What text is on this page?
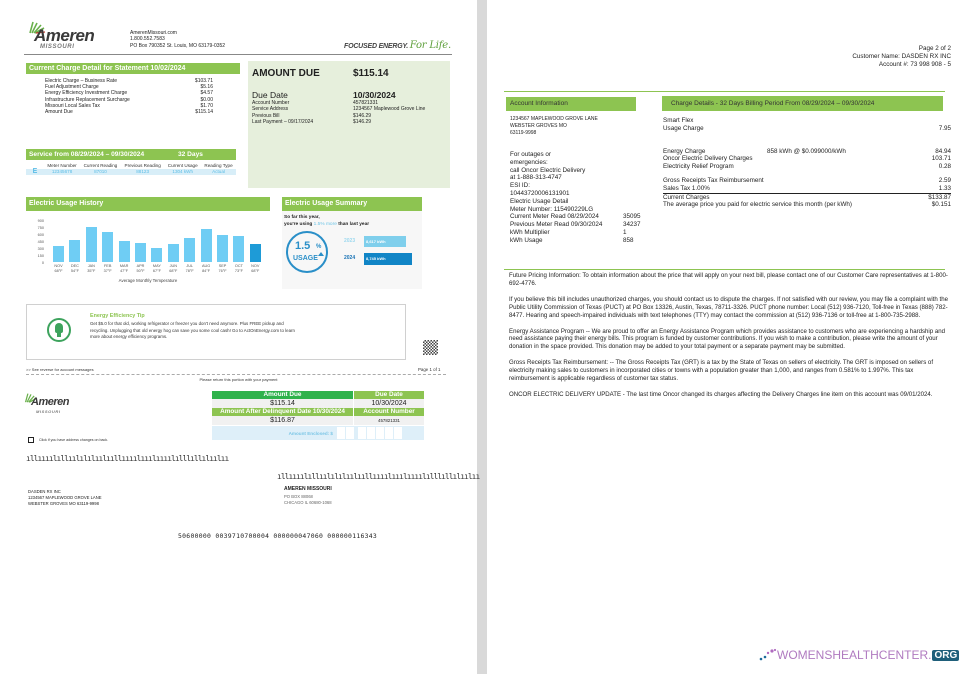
Ameren
MISSOURI
AmerenMissouri.com
1.800.552.7583
PO Box 790352 St. Louis, MO 63179-0352	FOCUSED ENERGY. For Life.
Current Charge Detail for Statement 10/02/2024
Electric Charge – Business Rate	$103.71
Fuel Adjustment Charge	$5.16
Energy Efficiency Investment Charge	$4.57
Infrastructure Replacement Surcharge	$0.00
Missouri Local Sales Tax	$1.70
Amount Due	$115.14
AMOUNT DUE	$115.14
Due Date	10/30/2024
Account Number	457821331
Service Address	1234567 Maplewood Grove Line
Previous Bill	$146.29
Last Payment – 09/17/2024	$146.29
Service from 08/29/2024 – 09/30/2024	32 Days
	Meter Number	Current Reading	Previous Reading	Current Usage	Reading Type
E	12345678	87010	88123	1304 kWh	Actual
Electric Usage History
0
150
300
450
600
750
900
NOV
68°F
DEC
54°F
JAN
35°F
FEB
37°F
MAR
47°F
APR
50°F
MAY
67°F
JUN
68°F
JUL
78°F
AUG
84°F
SEP
76°F
OCT
73°F
NOV
68°F
Average Monthly Temperature
Electric Usage Summary
So far this year,
you're using 1.5% more than last year
1.5 %
USAGE
2023	8,617 kWh
2024	8,745 kWh
Energy Efficiency Tip
Get $5.0 for that old, working refrigerator or freezer you don't need anymore. Plus FREE pickup and recycling. Unplugging that old energy hog can save you some cool cash! Go to ActOnEnergy.com to learn more about energy efficiency programs.
>> See reverse for account messages	Page 1 of 1
Please return this portion with your payment
Ameren
MISSOURI
Amount Due
$115.14
Amount After Delinquent Date 10/30/2024
$116.87
Due Date
10/30/2024
Account Number
457821331
Amount Enclosed: $
Click if you have address changes on back.
ıllıııılıllıılılılıılııllıııılııılıııılılllıllılıılıı
DASDEN RX INC
1234567 MAPLEWOOD GROVE LANE
WEBSTER GROVES MO 63119-9998
ıllıııılıllıılılılıılııllıııılııılıııılılllıllılıılıı
AMEREN MISSOURI
PO BOX 88068
CHICAGO IL 60680-1068
50600000 0039710700004 000000047060 000000116343
Page 2 of 2
Customer Name: DASDEN RX INC
Account #: 73 998 908 - 5
Account Information
1234567 MAPLEWOOD GROVE LANE
WEBSTER GROVES MO
63119-9998
For outages or
emergencies:
call Oncor Electric Delivery
at 1-888-313-4747
ESI ID:
10443720006131901
Electric Usage Detail
Meter Number: 115490229LG
Current Meter Read 08/29/2024	35095
Previous Meter Read 09/30/2024	34237
kWh Multiplier	1
kWh Usage	858
Charge Details - 32 Days Billing Period From 08/29/2024 – 09/30/2024
Smart Flex
Usage Charge	7.95
Energy Charge	858 kWh @ $0.099000/kWh	84.94
Oncor Electric Delivery Charges	103.71
Electricity Relief Program	0.28
Gross Receipts Tax Reimbursement	2.59
Sales Tax 1.00%	1.33
Current Charges	$133.87
The average price you paid for electric service this month (per kWh)	$0.151

Future Pricing Information: To obtain information about the price that will apply on your next bill, please contact one of our Customer Care representatives at 1-800-692-4776.

If you believe this bill includes unauthorized charges, you should contact us to dispute the charges. If not satisfied with our review, you may file a complaint with the Public Utility Commission of Texas (PUCT) at PO Box 13326, Austin, Texas, 78711-3326. PUCT phone number: Local (512) 936-7120, Toll-free in Texas (888) 782-8477. Hearing and speech-impaired individuals with text telephones (TTY) may contact the commission at (512) 936-7136 or toll-free at 1-800-735-2988.

Energy Assistance Program -- We are proud to offer an Energy Assistance Program which provides assistance to customers who are experiencing a hardship and need assistance paying their energy bills. This program is funded by customer contributions. If you wish to make a contribution, please write the amount of your donation in the space provided. This donation may be added to your total payment or a separate payment may be submitted.

Gross Receipts Tax Reimbursement: -- The Gross Receipts Tax (GRT) is a tax by the State of Texas on sellers of electricity. The GRT is imposed on sellers of electricity making sales to customers in incorporated cities or towns with a population greater than 1,000, and ranges from 0.581% to 1.997%. This tax reimbursement is applicable regardless of customer tax status.

ONCOR ELECTRIC DELIVERY UPDATE - The last time Oncor changed its charges affecting the Delivery Charges line item on this account was 09/01/2024.

WOMENSHEALTHCENTER. ORG
